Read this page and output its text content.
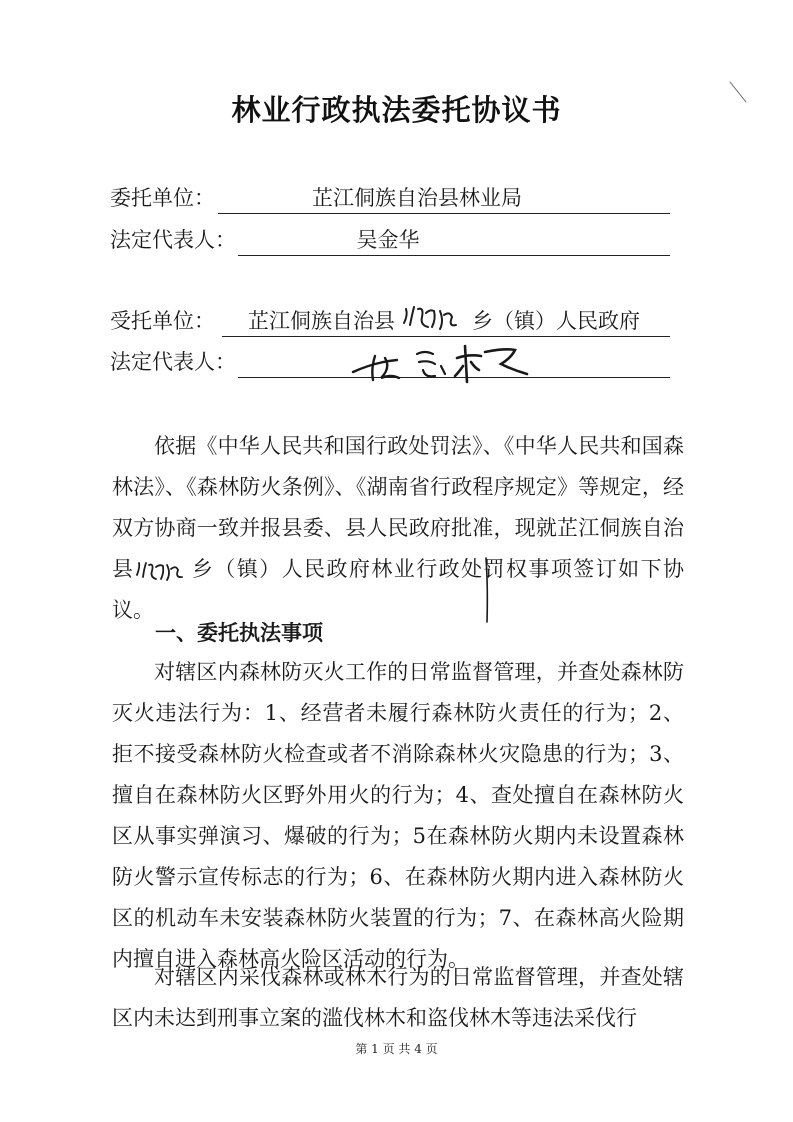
林业行政执法委托协议书
委托单位：	芷江侗族自治县林业局
法定代表人：	吴金华
受托单位： 芷江侗族自治县	乡（镇）人民政府
法定代表人：

依据《中华人民共和国行政处罚法》、《中华人民共和国森林法》、《森林防火条例》、《湖南省行政程序规定》等规定，经双方协商一致并报县委、县人民政府批准，现就芷江侗族自治县	乡（镇）人民政府林业行政处罚权事项签订如下协议。

一、委托执法事项

对辖区内森林防灭火工作的日常监督管理，并查处森林防灭火违法行为：1、经营者未履行森林防火责任的行为；2、拒不接受森林防火检查或者不消除森林火灾隐患的行为；3、擅自在森林防火区野外用火的行为；4、查处擅自在森林防火区从事实弹演习、爆破的行为；5在森林防火期内未设置森林防火警示宣传标志的行为；6、在森林防火期内进入森林防火区的机动车未安装森林防火装置的行为；7、在森林高火险期内擅自进入森林高火险区活动的行为。

对辖区内采伐森林或林木行为的日常监督管理，并查处辖区内未达到刑事立案的滥伐林木和盗伐林木等违法采伐行

第 1 页 共 4 页
